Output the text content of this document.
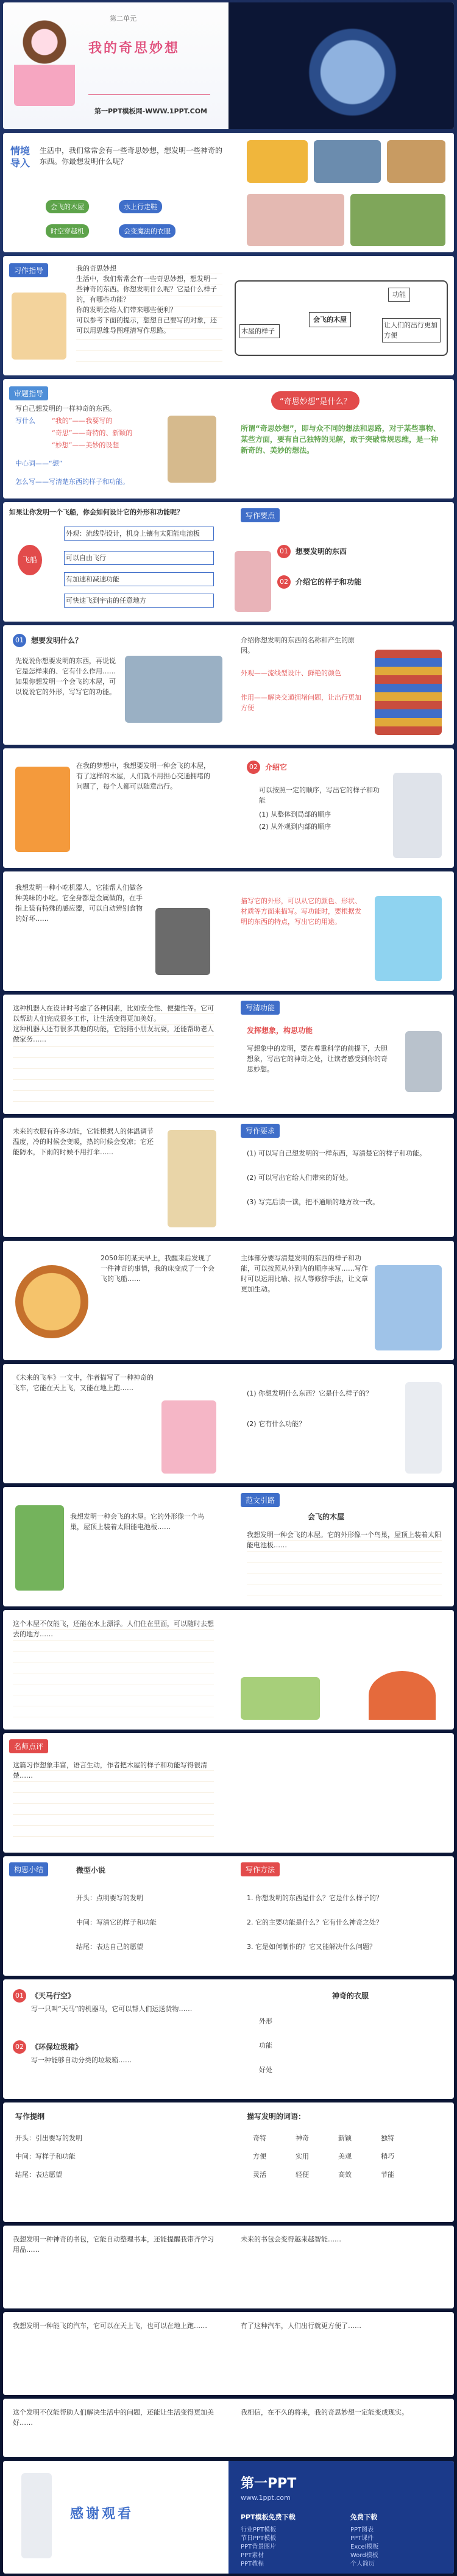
第二单元
我的奇思妙想
第一PPT模板网-WWW.1PPT.COM
情境导入
生活中，我们常常会有一些奇思妙想，想发明一些神奇的东西。你最想发明什么呢？
会飞的木屋	水上行走鞋
时空穿越机	会变魔法的衣服
习作指导	我的奇思妙想
生活中，我们常常会有一些奇思妙想，想发明一些神奇的东西。你想发明什么呢？它是什么样子的，有哪些功能？
你的发明会给人们带来哪些便利？
可以参考下面的提示，想想自己要写的对象，还可以用思维导图理清写作思路。	木屋的样子
会飞的木屋
功能
让人们的出行更加方便
审题指导
写自己想发明的一样神奇的东西。
写什么 “我的”——我要写的
“奇思”——奇特的、新颖的
“妙想”——美妙的设想
中心词——“想”
怎么写——写清楚东西的样子和功能。
“奇思妙想”是什么？
所谓“奇思妙想”，即与众不同的想法和思路，对于某些事物、某些方面，要有自己独特的见解，敢于突破常规思维，是一种新奇的、美妙的想法。
如果让你发明一个飞船，你会如何设计它的外形和功能呢？
飞船
外观：流线型设计，机身上镶有太阳能电池板
可以自由飞行
有加速和减速功能
可快速飞到宇宙的任意地方
写作要点
01	想要发明的东西
02	介绍它的样子和功能
01	想要发明什么？
先说说你想要发明的东西，再说说它是怎样来的、它有什么作用……如果你想发明一个会飞的木屋，可以说说它的外形，写写它的功能。
介绍你想发明的东西的名称和产生的原因。
外观——流线型设计、鲜艳的颜色
作用——解决交通拥堵问题，让出行更加方便
在我的梦想中，我想要发明一种会飞的木屋，有了这样的木屋，人们就不用担心交通拥堵的问题了，每个人都可以随意出行。
02	介绍它
可以按照一定的顺序，写出它的样子和功能
(1) 从整体到局部的顺序
(2) 从外观到内部的顺序
我想发明一种小吃机器人，它能帮人们做各种美味的小吃。它全身都是金属做的，在手指上装有特殊的感应器，可以自动辨别食物的好坏……
描写它的外形，可以从它的颜色、形状、材质等方面来描写。写功能时，要根据发明的东西的特点，写出它的用途。
这种机器人在设计时考虑了各种因素，比如安全性、便捷性等。它可以帮助人们完成很多工作，让生活变得更加美好。
这种机器人还有很多其他的功能，它能陪小朋友玩耍，还能帮助老人做家务……
写清功能
发挥想象，构思功能
写想象中的发明，要在尊重科学的前提下，大胆想象，写出它的神奇之处，让读者感受到你的奇思妙想。
未来的衣服有许多功能，它能根据人的体温调节温度，冷的时候会变暖，热的时候会变凉；它还能防水，下雨的时候不用打伞……
写作要求
(1) 可以写自己想发明的一样东西，写清楚它的样子和功能。
(2) 可以写出它给人们带来的好处。
(3) 写完后读一读，把不通顺的地方改一改。
2050年的某天早上，我醒来后发现了一件神奇的事情，我的床变成了一个会飞的飞船……
主体部分要写清楚发明的东西的样子和功能，可以按照从外到内的顺序来写……写作时可以运用比喻、拟人等修辞手法，让文章更加生动。
《未来的飞车》一文中，作者描写了一种神奇的飞车，它能在天上飞，又能在地上跑……
(1) 你想发明什么东西？它是什么样子的？
(2) 它有什么功能？
我想发明一种会飞的木屋。它的外形像一个鸟巢，屋顶上装着太阳能电池板……
范文引路
会飞的木屋
我想发明一种会飞的木屋。它的外形像一个鸟巢，屋顶上装着太阳能电池板……
这个木屋不仅能飞，还能在水上漂浮。人们住在里面，可以随时去想去的地方……
名师点评
这篇习作想象丰富，语言生动，作者把木屋的样子和功能写得很清楚……
构思小结	微型小说
开头：点明要写的发明
中间：写清它的样子和功能
结尾：表达自己的愿望
写作方法
1. 你想发明的东西是什么？它是什么样子的？
2. 它的主要功能是什么？它有什么神奇之处？
3. 它是如何制作的？它又能解决什么问题？
01	《天马行空》
写一只叫“天马”的机器马，它可以帮人们运送货物……
02	《环保垃圾箱》
写一种能够自动分类的垃圾箱……
神奇的衣服
外形
功能
好处
写作提纲
开头：引出要写的发明
中间：写样子和功能
结尾：表达愿望
描写发明的词语：
奇特	神奇	新颖	独特
方便	实用	美观	精巧
灵活	轻便	高效	节能
我想发明一种神奇的书包，它能自动整理书本，还能提醒我带齐学习用品……
未来的书包会变得越来越智能……
我想发明一种能飞的汽车，它可以在天上飞，也可以在地上跑……	有了这种汽车，人们出行就更方便了……
这个发明不仅能帮助人们解决生活中的问题，还能让生活变得更加美好……
我相信，在不久的将来，我的奇思妙想一定能变成现实。
感谢观看
第一PPT
www.1ppt.com
PPT模板免费下载	免费下载
行业PPT模板
节日PPT模板
PPT背景图片
PPT素材
PPT教程
PPT图表
PPT课件
Excel模板
Word模板
个人简历
